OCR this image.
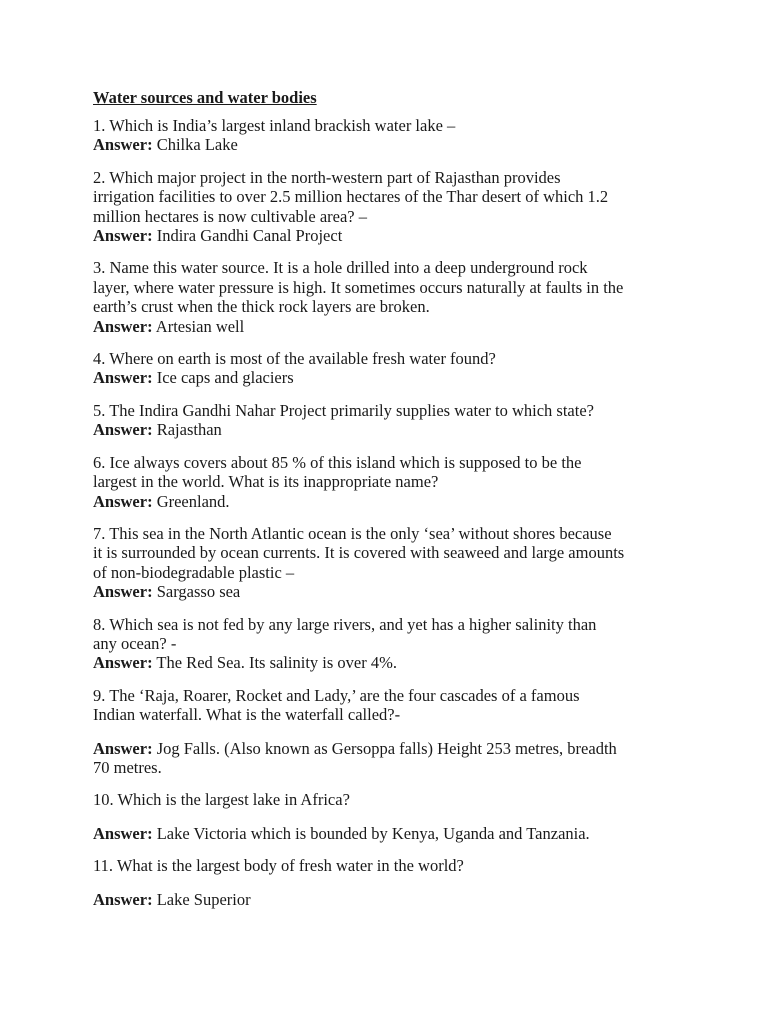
Water sources and water bodies

1. Which is India’s largest inland brackish water lake –

Answer: Chilka Lake

2. Which major project in the north-western part of Rajasthan provides
irrigation facilities to over 2.5 million hectares of the Thar desert of which 1.2
million hectares is now cultivable area? –

Answer: Indira Gandhi Canal Project

3. Name this water source. It is a hole drilled into a deep underground rock
layer, where water pressure is high. It sometimes occurs naturally at faults in the
earth’s crust when the thick rock layers are broken.

Answer: Artesian well

4. Where on earth is most of the available fresh water found?

Answer: Ice caps and glaciers

5. The Indira Gandhi Nahar Project primarily supplies water to which state?

Answer: Rajasthan

6. Ice always covers about 85 % of this island which is supposed to be the
largest in the world. What is its inappropriate name?

Answer: Greenland.

7. This sea in the North Atlantic ocean is the only ‘sea’ without shores because
it is surrounded by ocean currents. It is covered with seaweed and large amounts
of non-biodegradable plastic –

Answer: Sargasso sea

8. Which sea is not fed by any large rivers, and yet has a higher salinity than
any ocean? -

Answer: The Red Sea. Its salinity is over 4%.

9. The ‘Raja, Roarer, Rocket and Lady,’ are the four cascades of a famous
Indian waterfall. What is the waterfall called?-

Answer: Jog Falls. (Also known as Gersoppa falls) Height 253 metres, breadth
70 metres.

10. Which is the largest lake in Africa?

Answer: Lake Victoria which is bounded by Kenya, Uganda and Tanzania.

11. What is the largest body of fresh water in the world?

Answer: Lake Superior
